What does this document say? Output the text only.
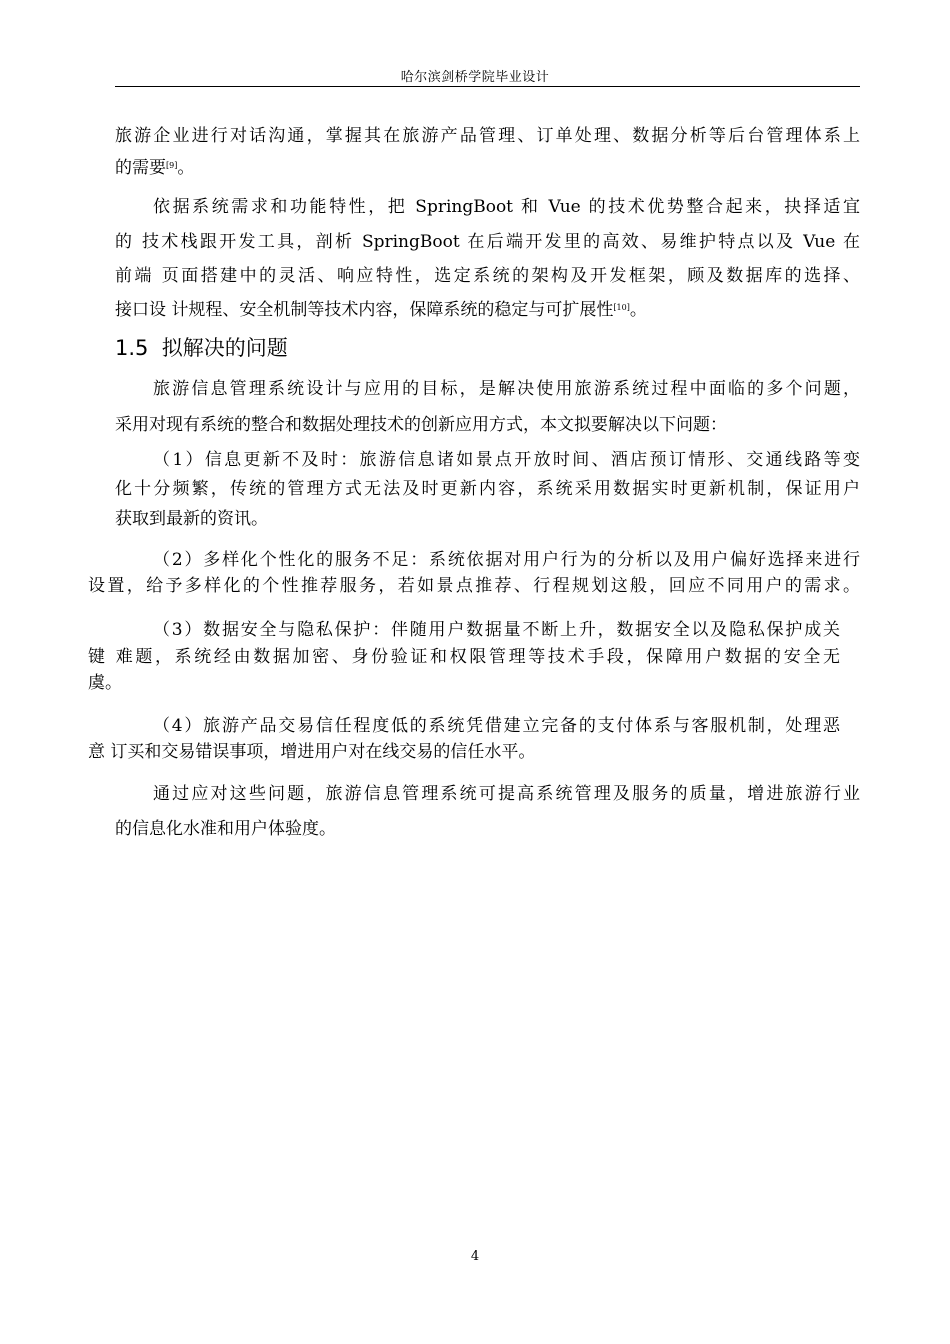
哈尔滨剑桥学院毕业设计
旅游企业进行对话沟通，掌握其在旅游产品管理、订单处理、数据分析等后台管理体系上
的需要[9]。
依据系统需求和功能特性，把 SpringBoot 和 Vue 的技术优势整合起来，抉择适宜
的 技术栈跟开发工具，剖析 SpringBoot 在后端开发里的高效、易维护特点以及 Vue 在
前端 页面搭建中的灵活、响应特性，选定系统的架构及开发框架，顾及数据库的选择、
接口设 计规程、安全机制等技术内容，保障系统的稳定与可扩展性[10]。
1.5 拟解决的问题
旅游信息管理系统设计与应用的目标，是解决使用旅游系统过程中面临的多个问题，
采用对现有系统的整合和数据处理技术的创新应用方式，本文拟要解决以下问题：
（1）信息更新不及时：旅游信息诸如景点开放时间、酒店预订情形、交通线路等变
化十分频繁，传统的管理方式无法及时更新内容，系统采用数据实时更新机制，保证用户
获取到最新的资讯。
（2）多样化个性化的服务不足：系统依据对用户行为的分析以及用户偏好选择来进行
设置，给予多样化的个性推荐服务，若如景点推荐、行程规划这般，回应不同用户的需求。
（3）数据安全与隐私保护：伴随用户数据量不断上升，数据安全以及隐私保护成关
键 难题，系统经由数据加密、身份验证和权限管理等技术手段，保障用户数据的安全无
虞。
（4）旅游产品交易信任程度低的系统凭借建立完备的支付体系与客服机制，处理恶
意 订买和交易错误事项，增进用户对在线交易的信任水平。
通过应对这些问题，旅游信息管理系统可提高系统管理及服务的质量，增进旅游行业
的信息化水准和用户体验度。
4
